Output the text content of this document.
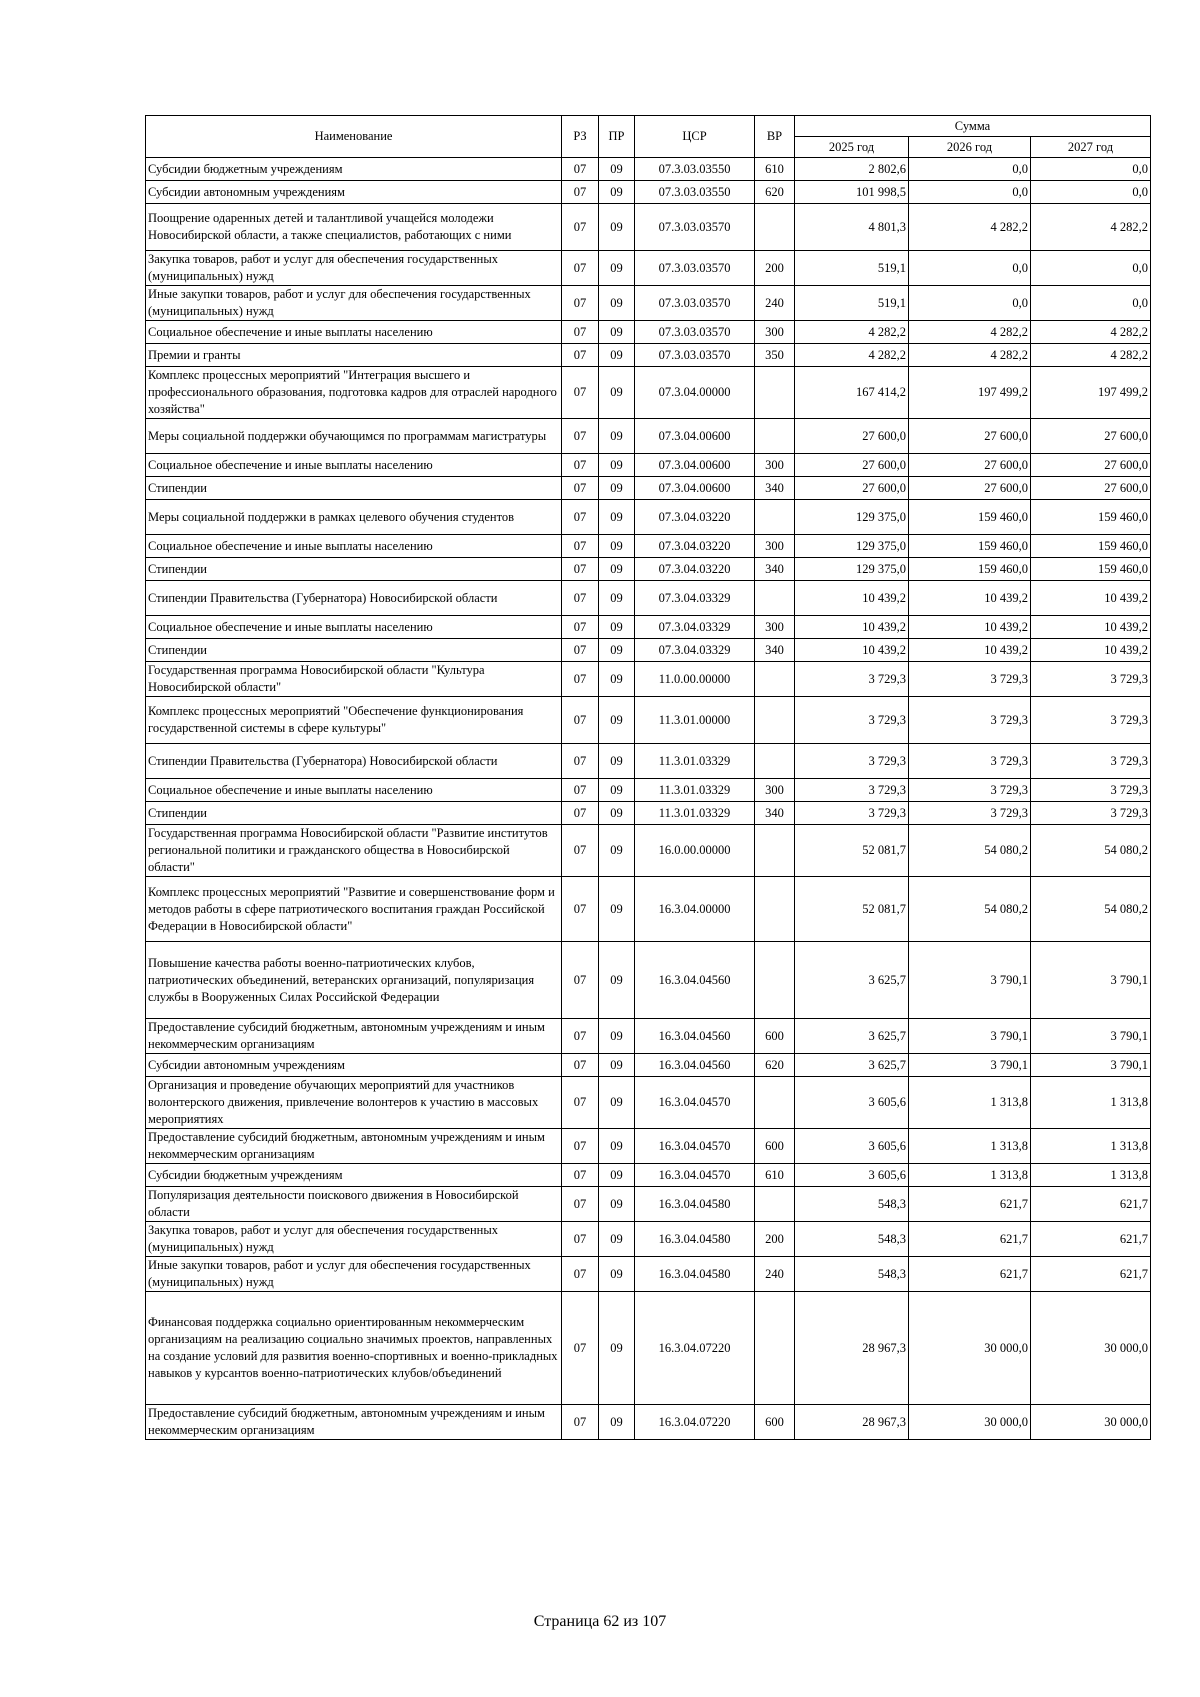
Наименование	РЗ	ПР	ЦСР	ВР	Сумма		
					2025 год	2026 год	2027 год
Субсидии бюджетным учреждениям	07	09	07.3.03.03550	610	2 802,6	0,0	0,0
Субсидии автономным учреждениям	07	09	07.3.03.03550	620	101 998,5	0,0	0,0
Поощрение одаренных детей и талантливой учащейся молодежи Новосибирской области, а также специалистов, работающих с ними	07	09	07.3.03.03570		4 801,3	4 282,2	4 282,2
Закупка товаров, работ и услуг для обеспечения государственных (муниципальных) нужд	07	09	07.3.03.03570	200	519,1	0,0	0,0
Иные закупки товаров, работ и услуг для обеспечения государственных (муниципальных) нужд	07	09	07.3.03.03570	240	519,1	0,0	0,0
Социальное обеспечение и иные выплаты населению	07	09	07.3.03.03570	300	4 282,2	4 282,2	4 282,2
Премии и гранты	07	09	07.3.03.03570	350	4 282,2	4 282,2	4 282,2
Комплекс процессных мероприятий "Интеграция высшего и профессионального образования, подготовка кадров для отраслей народного хозяйства"	07	09	07.3.04.00000		167 414,2	197 499,2	197 499,2
Меры социальной поддержки обучающимся по программам магистратуры	07	09	07.3.04.00600		27 600,0	27 600,0	27 600,0
Социальное обеспечение и иные выплаты населению	07	09	07.3.04.00600	300	27 600,0	27 600,0	27 600,0
Стипендии	07	09	07.3.04.00600	340	27 600,0	27 600,0	27 600,0
Меры социальной поддержки в рамках целевого обучения студентов	07	09	07.3.04.03220		129 375,0	159 460,0	159 460,0
Социальное обеспечение и иные выплаты населению	07	09	07.3.04.03220	300	129 375,0	159 460,0	159 460,0
Стипендии	07	09	07.3.04.03220	340	129 375,0	159 460,0	159 460,0
Стипендии Правительства (Губернатора) Новосибирской области	07	09	07.3.04.03329		10 439,2	10 439,2	10 439,2
Социальное обеспечение и иные выплаты населению	07	09	07.3.04.03329	300	10 439,2	10 439,2	10 439,2
Стипендии	07	09	07.3.04.03329	340	10 439,2	10 439,2	10 439,2
Государственная программа Новосибирской области "Культура Новосибирской области"	07	09	11.0.00.00000		3 729,3	3 729,3	3 729,3
Комплекс процессных мероприятий "Обеспечение функционирования государственной системы в сфере культуры"	07	09	11.3.01.00000		3 729,3	3 729,3	3 729,3
Стипендии Правительства (Губернатора) Новосибирской области	07	09	11.3.01.03329		3 729,3	3 729,3	3 729,3
Социальное обеспечение и иные выплаты населению	07	09	11.3.01.03329	300	3 729,3	3 729,3	3 729,3
Стипендии	07	09	11.3.01.03329	340	3 729,3	3 729,3	3 729,3
Государственная программа Новосибирской области "Развитие институтов региональной политики и гражданского общества в Новосибирской области"	07	09	16.0.00.00000		52 081,7	54 080,2	54 080,2
Комплекс процессных мероприятий "Развитие и совершенствование форм и методов работы в сфере патриотического воспитания граждан Российской Федерации в Новосибирской области"	07	09	16.3.04.00000		52 081,7	54 080,2	54 080,2
Повышение качества работы военно-патриотических клубов, патриотических объединений, ветеранских организаций, популяризация службы в Вооруженных Силах Российской Федерации	07	09	16.3.04.04560		3 625,7	3 790,1	3 790,1
Предоставление субсидий бюджетным, автономным учреждениям и иным некоммерческим организациям	07	09	16.3.04.04560	600	3 625,7	3 790,1	3 790,1
Субсидии автономным учреждениям	07	09	16.3.04.04560	620	3 625,7	3 790,1	3 790,1
Организация и проведение обучающих мероприятий для участников волонтерского движения, привлечение волонтеров к участию в массовых мероприятиях	07	09	16.3.04.04570		3 605,6	1 313,8	1 313,8
Предоставление субсидий бюджетным, автономным учреждениям и иным некоммерческим организациям	07	09	16.3.04.04570	600	3 605,6	1 313,8	1 313,8
Субсидии бюджетным учреждениям	07	09	16.3.04.04570	610	3 605,6	1 313,8	1 313,8
Популяризация деятельности поискового движения в Новосибирской области	07	09	16.3.04.04580		548,3	621,7	621,7
Закупка товаров, работ и услуг для обеспечения государственных (муниципальных) нужд	07	09	16.3.04.04580	200	548,3	621,7	621,7
Иные закупки товаров, работ и услуг для обеспечения государственных (муниципальных) нужд	07	09	16.3.04.04580	240	548,3	621,7	621,7
Финансовая поддержка социально ориентированным некоммерческим организациям на реализацию социально значимых проектов, направленных на создание условий для развития военно-спортивных и военно-прикладных навыков у курсантов военно-патриотических клубов/объединений	07	09	16.3.04.07220		28 967,3	30 000,0	30 000,0
Предоставление субсидий бюджетным, автономным учреждениям и иным некоммерческим организациям	07	09	16.3.04.07220	600	28 967,3	30 000,0	30 000,0
Страница 62 из 107
